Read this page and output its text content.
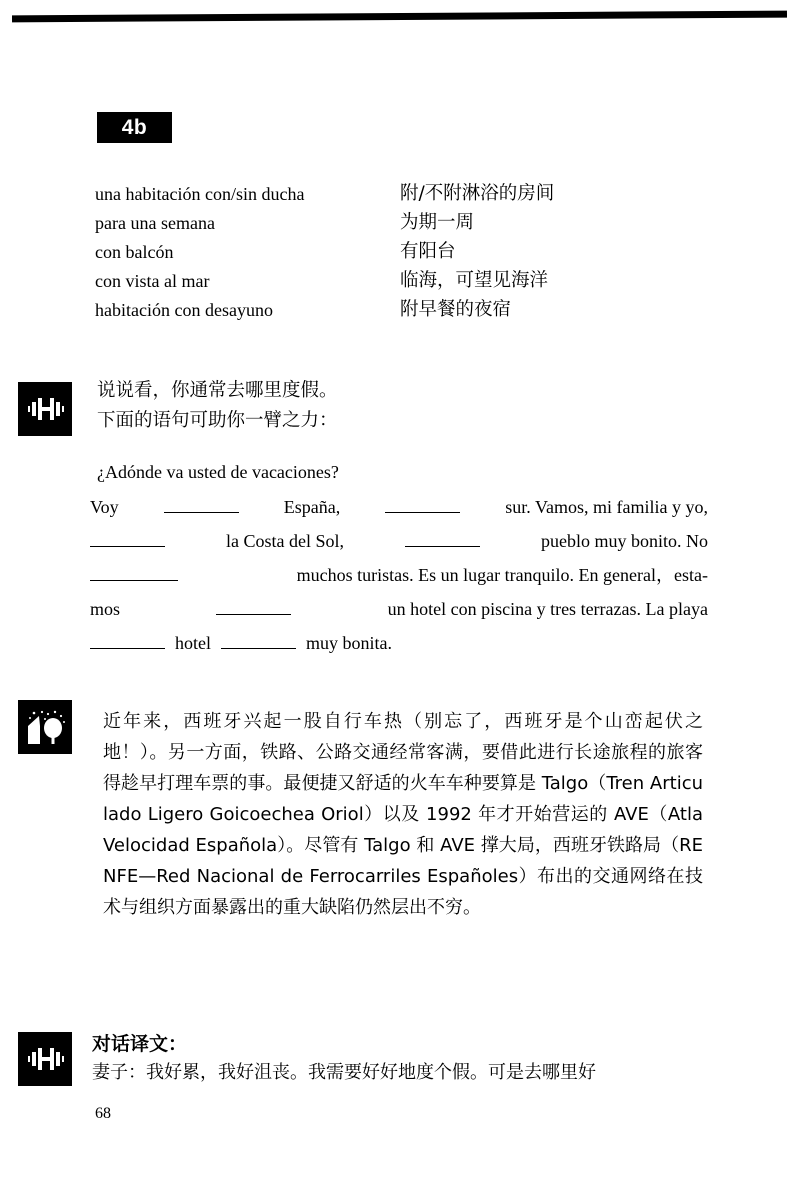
4b
una habitación con/sin ducha	附/不附淋浴的房间
para una semana	为期一周
con balcón	有阳台
con vista al mar	临海，可望见海洋
habitación con desayuno	附早餐的夜宿
说说看，你通常去哪里度假。
下面的语句可助你一臂之力：
¿Adónde va usted de vacaciones?
Voy	España,	sur. Vamos, mi familia y yo,
la Costa del Sol,	pueblo muy bonito. No
muchos turistas. Es un lugar tranquilo. En general，esta-
mos	un hotel con piscina y tres terrazas. La playa
hotel	muy bonita.

近年来，西班牙兴起一股自行车热（别忘了，西班牙是个山峦起伏之地！）。另一方面，铁路、公路交通经常客满，要借此进行长途旅程的旅客得趁早打理车票的事。最便捷又舒适的火车车种要算是 Talgo（Tren Articulado Ligero Goicoechea Oriol）以及 1992 年才开始营运的 AVE（Atla Velocidad Española）。尽管有 Talgo 和 AVE 撑大局，西班牙铁路局（RENFE—Red Nacional de Ferrocarriles Españoles）布出的交通网络在技术与组织方面暴露出的重大缺陷仍然层出不穷。

对话译文：
妻子：我好累，我好沮丧。我需要好好地度个假。可是去哪里好
68
